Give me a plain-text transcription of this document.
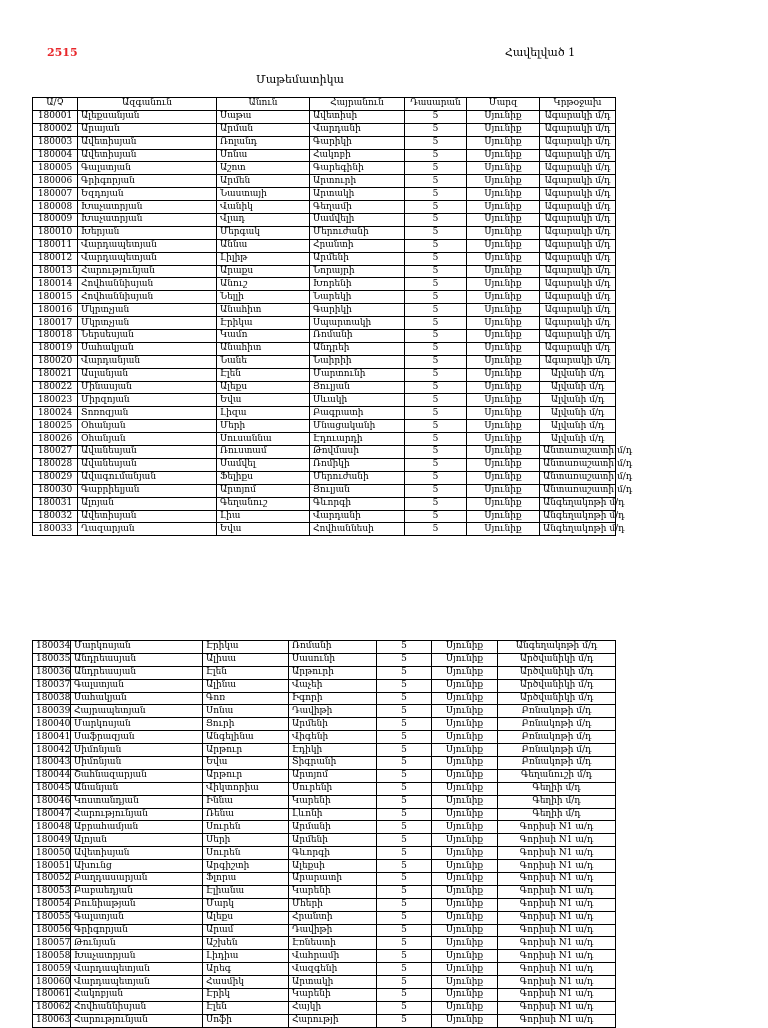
2515	Հավելված 1
Մաթեմատիկա
Ա/Չ	Ազգանուն	Անուն	Հայրանուն	Դասարան	Մարզ	Կրթօջախ
180001	Ալեքսանյան	Սաթա	Ավետիսի	5	Սյունիք	Ագարակի մ/դ
180002	Արայան	Արման	Վարդանի	5	Սյունիք	Ագարակի մ/դ
180003	Ավետիսյան	Ռոլանդ	Գարիկի	5	Սյունիք	Ագարակի մ/դ
180004	Ավետիսյան	Սոնա	Հակոբի	5	Սյունիք	Ագարակի մ/դ
180005	Գալստյան	Աշոտ	Գարեգինի	5	Սյունիք	Ագարակի մ/դ
180006	Գրիգորյան	Արմեն	Արտուրի	5	Սյունիք	Ագարակի մ/դ
180007	Եզդոյան	Նաստայի	Արտակի	5	Սյունիք	Ագարակի մ/դ
180008	Խաչատրյան	Վանիկ	Գեղամի	5	Սյունիք	Ագարակի մ/դ
180009	Խաչատրյան	Վլադ	Սամվելի	5	Սյունիք	Ագարակի մ/դ
180010	Խերյան	Մերգակ	Մերուժանի	5	Սյունիք	Ագարակի մ/դ
180011	Վարդապետյան	Աննա	Հրանտի	5	Սյունիք	Ագարակի մ/դ
180012	Վարդապետյան	Լիլիթ	Արմենի	5	Սյունիք	Ագարակի մ/դ
180013	Հարությունյան	Արաքս	Նորայրի	5	Սյունիք	Ագարակի մ/դ
180014	Հովհաննիսյան	Անուշ	Խորենի	5	Սյունիք	Ագարակի մ/դ
180015	Հովհաննիսյան	Նելլի	Նարեկի	5	Սյունիք	Ագարակի մ/դ
180016	Մկրտչյան	Անահիտ	Գարիկի	5	Սյունիք	Ագարակի մ/դ
180017	Մկրտչյան	Էրիկա	Սպարտակի	5	Սյունիք	Ագարակի մ/դ
180018	Ներսեսյան	Կամո	Ռոմանի	5	Սյունիք	Ագարակի մ/դ
180019	Սահակյան	Անահիտ	Անդրեի	5	Սյունիք	Ագարակի մ/դ
180020	Վարդանյան	Նանե	Նաիրիի	5	Սյունիք	Ագարակի մ/դ
180021	Ասլանյան	Էլեն	Մարտունի	5	Սյունիք	Ալվանի մ/դ
180022	Մինասյան	Ալեքս	Յուլյան	5	Սյունիք	Ալվանի մ/դ
180023	Միրզոյան	Եվա	Սևակի	5	Սյունիք	Ալվանի մ/դ
180024	Տոռոզյան	Լիզա	Բագրատի	5	Սյունիք	Ալվանի մ/դ
180025	Օհանյան	Մերի	Մնացականի	5	Սյունիք	Ալվանի մ/դ
180026	Օհանյան	Սուսաննա	Էդուարդի	5	Սյունիք	Ալվանի մ/դ
180027	Ավանեսյան	Ռուստամ	Թովմասի	5	Սյունիք	Անտառաշատի մ/դ
180028	Ավանեսյան	Սամվել	Ռոմիկի	5	Սյունիք	Անտառաշատի մ/դ
180029	Ավագումանյան	Ֆելիքս	Մերուժանի	5	Սյունիք	Անտառաշատի մ/դ
180030	Գաբրիելյան	Արտյոմ	Յուլյան	5	Սյունիք	Անտառաշատի մ/դ
180031	Ալոյան	Գեղանուշ	Գևորգի	5	Սյունիք	Անգեղակոթի մ/դ
180032	Ավետիսյան	Լիա	Վարդանի	5	Սյունիք	Անգեղակոթի մ/դ
180033	Ղազարյան	Եվա	Հովհաննեսի	5	Սյունիք	Անգեղակոթի մ/դ
180034	Մարկոսյան	Էրիկա	Ռոմանի	5	Սյունիք	Անգեղակոթի մ/դ
180035	Անդրեասյան	Ալիսա	Սասունի	5	Սյունիք	Արծվանիկի մ/դ
180036	Անդրեասյան	Էլեն	Արթուրի	5	Սյունիք	Արծվանիկի մ/դ
180037	Գալստյան	Ալինա	Վաչեի	5	Սյունիք	Արծվանիկի մ/դ
180038	Սահակյան	Գոռ	Իգորի	5	Սյունիք	Արծվանիկի մ/դ
180039	Հայրապետյան	Սոնա	Դավիթի	5	Սյունիք	Բռնակոթի մ/դ
180040	Մարկոսյան	Ցուրի	Արմենի	5	Սյունիք	Բռնակոթի մ/դ
180041	Սաֆրազյան	Անգելինա	Վիգենի	5	Սյունիք	Բռնակոթի մ/դ
180042	Սիմոնյան	Արթուր	Էդիկի	5	Սյունիք	Բռնակոթի մ/դ
180043	Սիմոնյան	Եվա	Տիգրանի	5	Սյունիք	Բռնակոթի մ/դ
180044	Շահնազարյան	Արթուր	Արտյոմ	5	Սյունիք	Գեղանուշի մ/դ
180045	Անանյան	Վիկտորիա	Սուրենի	5	Սյունիք	Գեղիի մ/դ
180046	Կոստանդյան	Իննա	Կարենի	5	Սյունիք	Գեղիի մ/դ
180047	Հարությունյան	Ռենա	Լևոնի	5	Սյունիք	Գեղիի մ/դ
180048	Աբրահամյան	Սուրեն	Արմանի	5	Սյունիք	Գորիսի N1 ա/դ
180049	Ալոյան	Սերի	Արմենի	5	Սյունիք	Գորիսի N1 ա/դ
180050	Ավետիսյան	Սուրեն	Գևորգի	5	Սյունիք	Գորիսի N1 ա/դ
180051	Ախունց	Արգիշտի	Ալեքսի	5	Սյունիք	Գորիսի N1 ա/դ
180052	Բաղդասարյան	Ֆլորա	Արարատի	5	Սյունիք	Գորիսի N1 ա/դ
180053	Բաբաեդյան	Էլիանա	Կարենի	5	Սյունիք	Գորիսի N1 ա/դ
180054	Բունիաթյան	Մարկ	Մհերի	5	Սյունիք	Գորիսի N1 ա/դ
180055	Գալստյան	Ալեքս	Հրանտի	5	Սյունիք	Գորիսի N1 ա/դ
180056	Գրիգորյան	Արամ	Դավիթի	5	Սյունիք	Գորիսի N1 ա/դ
180057	Թունյան	Աշխեն	Էռնեստի	5	Սյունիք	Գորիսի N1 ա/դ
180058	Խաչատրյան	Լիդիա	Վահրամի	5	Սյունիք	Գորիսի N1 ա/դ
180059	Վարդապետյան	Արեգ	Վազգենի	5	Սյունիք	Գորիսի N1 ա/դ
180060	Վարդապետյան	Հասմիկ	Արտակի	5	Սյունիք	Գորիսի N1 ա/դ
180061	Հակոբյան	Էրիկ	Կարենի	5	Սյունիք	Գորիսի N1 ա/դ
180062	Հովհաննիսյան	Էլեն	Հայկի	5	Սյունիք	Գորիսի N1 ա/դ
180063	Հարությունյան	Սոֆի	Հարությի	5	Սյունիք	Գորիսի N1 ա/դ
